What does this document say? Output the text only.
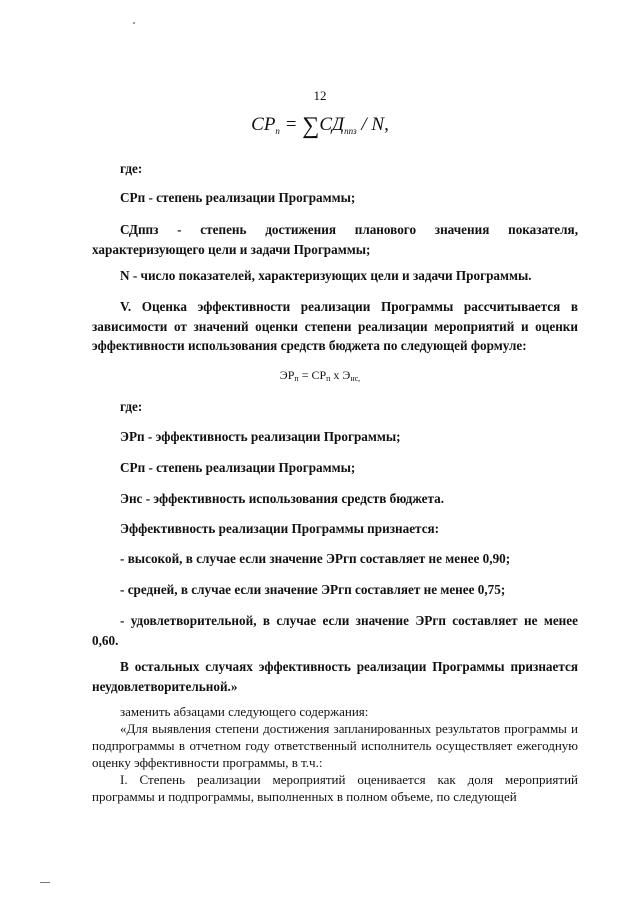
12
$СР_п = \sum СД_{ппз} / N$,
где:
СРп - степень реализации Программы;
СДппз - степень достижения планового значения показателя, характеризующего цели и задачи Программы;
N - число показателей, характеризующих цели и задачи Программы.
V. Оценка эффективности реализации Программы рассчитывается в зависимости от значений оценки степени реализации мероприятий и оценки эффективности использования средств бюджета по следующей формуле:
$ЭР_п = СР_п$ х $Э_{нс,}$
где:
ЭРп - эффективность реализации Программы;
СРп - степень реализации Программы;
Энс - эффективность использования средств бюджета.
Эффективность реализации Программы признается:
- высокой, в случае если значение ЭРгп составляет не менее 0,90;
- средней, в случае если значение ЭРгп составляет не менее 0,75;
- удовлетворительной, в случае если значение ЭРгп составляет не менее 0,60.
В остальных случаях эффективность реализации Программы признается неудовлетворительной.»
заменить абзацами следующего содержания:
«Для выявления степени достижения запланированных результатов программы и подпрограммы в отчетном году ответственный исполнитель осуществляет ежегодную оценку эффективности программы, в т.ч.:
I. Степень реализации мероприятий оценивается как доля мероприятий программы и подпрограммы, выполненных в полном объеме, по следующей
